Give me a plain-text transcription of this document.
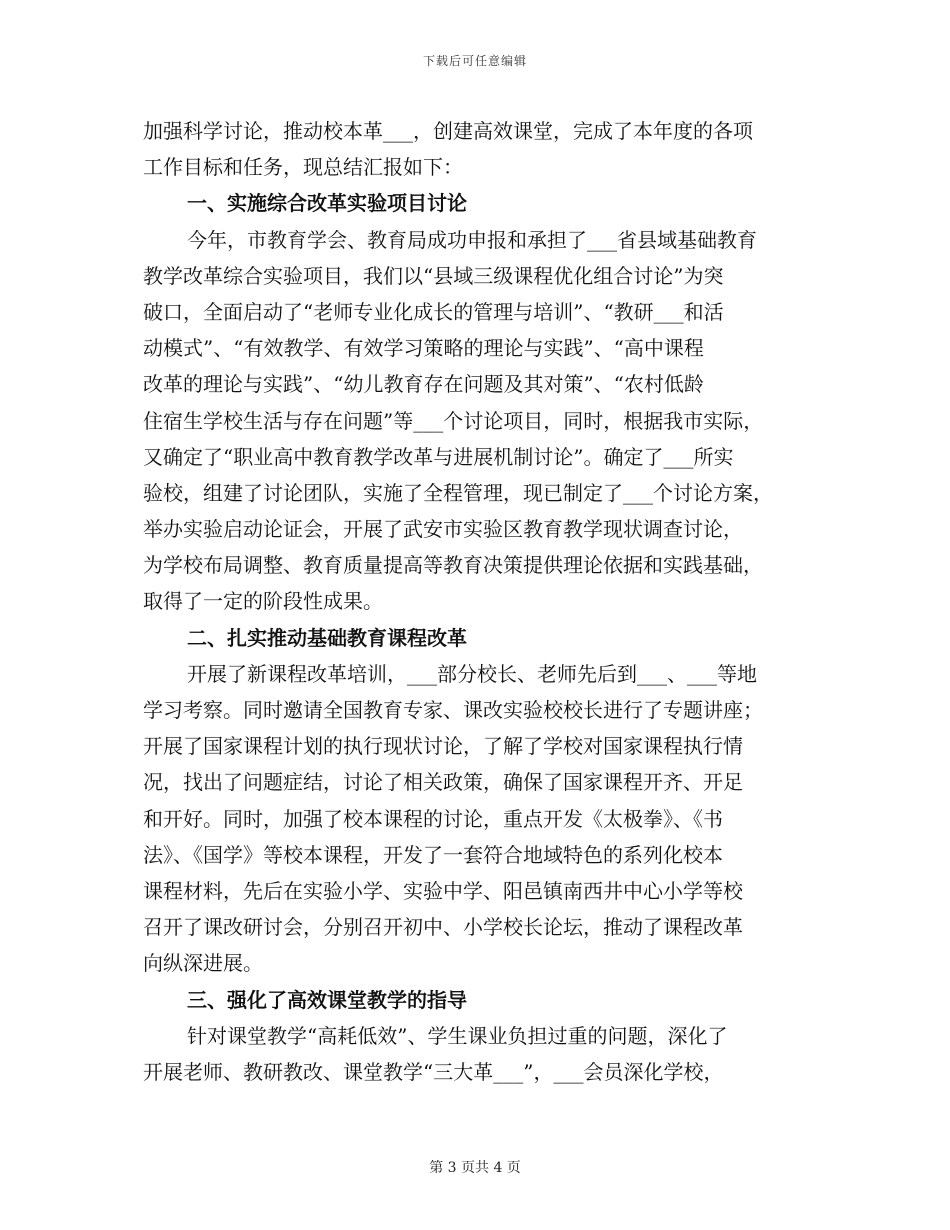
下载后可任意编辑
加强科学讨论，推动校本革___，创建高效课堂，完成了本年度的各项
工作目标和任务，现总结汇报如下：
一、实施综合改革实验项目讨论
今年，市教育学会、教育局成功申报和承担了___省县域基础教育
教学改革综合实验项目，我们以“县域三级课程优化组合讨论”为突
破口，全面启动了“老师专业化成长的管理与培训”、“教研___和活
动模式”、“有效教学、有效学习策略的理论与实践”、“高中课程
改革的理论与实践”、“幼儿教育存在问题及其对策”、“农村低龄
住宿生学校生活与存在问题”等___个讨论项目，同时，根据我市实际，
又确定了“职业高中教育教学改革与进展机制讨论”。确定了___所实
验校，组建了讨论团队，实施了全程管理，现已制定了___个讨论方案，
举办实验启动论证会，开展了武安市实验区教育教学现状调查讨论，
为学校布局调整、教育质量提高等教育决策提供理论依据和实践基础，
取得了一定的阶段性成果。
二、扎实推动基础教育课程改革
开展了新课程改革培训，___部分校长、老师先后到___、___等地
学习考察。同时邀请全国教育专家、课改实验校校长进行了专题讲座；
开展了国家课程计划的执行现状讨论，了解了学校对国家课程执行情
况，找出了问题症结，讨论了相关政策，确保了国家课程开齐、开足
和开好。同时，加强了校本课程的讨论，重点开发《太极拳》、《书
法》、《国学》等校本课程，开发了一套符合地域特色的系列化校本
课程材料，先后在实验小学、实验中学、阳邑镇南西井中心小学等校
召开了课改研讨会，分别召开初中、小学校长论坛，推动了课程改革
向纵深进展。
三、强化了高效课堂教学的指导
针对课堂教学“高耗低效”、学生课业负担过重的问题，深化了
开展老师、教研教改、课堂教学“三大革___”，___会员深化学校，
第 3 页共 4 页
